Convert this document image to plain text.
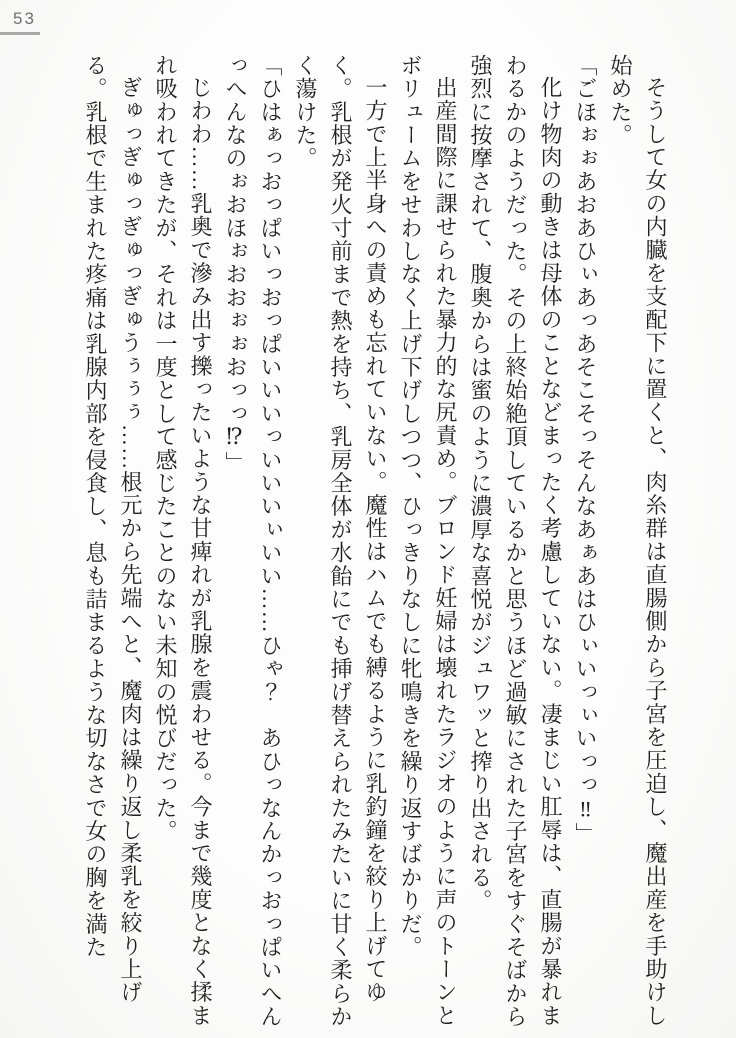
53

そうして女の内臓を支配下に置くと、肉糸群は直腸側から子宮を圧迫し、魔出産を手助けし始めた。

「ごほぉぉあおあひぃあっあそこそっそんなあぁあはひぃいっぃいっっ‼」

化け物肉の動きは母体のことなどまったく考慮していない。凄まじい肛辱は、直腸が暴れまわるかのようだった。その上終始絶頂しているかと思うほど過敏にされた子宮をすぐそばから強烈に按摩されて、腹奥からは蜜のように濃厚な喜悦がジュワッと搾り出される。

出産間際に課せられた暴力的な尻責め。ブロンド妊婦は壊れたラジオのように声のトーンとボリュームをせわしなく上げ下げしつつ、ひっきりなしに牝鳴きを繰り返すばかりだ。

一方で上半身への責めも忘れていない。魔性はハムでも縛るように乳釣鐘を絞り上げてゆく。乳根が発火寸前まで熱を持ち、乳房全体が水飴にでも挿げ替えられたみたいに甘く柔らかく蕩けた。

「ひはぁっおっぱいっおっぱいいいっいいいぃいい……ひゃ？　あひっなんかっおっぱいへんっへんなのぉおほぉおおぉぉおっっ⁉」

じわわ……乳奥で滲み出す擽ったいような甘痺れが乳腺を震わせる。今まで幾度となく揉まれ吸われてきたが、それは一度として感じたことのない未知の悦びだった。

ぎゅっぎゅっぎゅっぎゅうぅぅぅ……根元から先端へと、魔肉は繰り返し柔乳を絞り上げる。乳根で生まれた疼痛は乳腺内部を侵食し、息も詰まるような切なさで女の胸を満た
